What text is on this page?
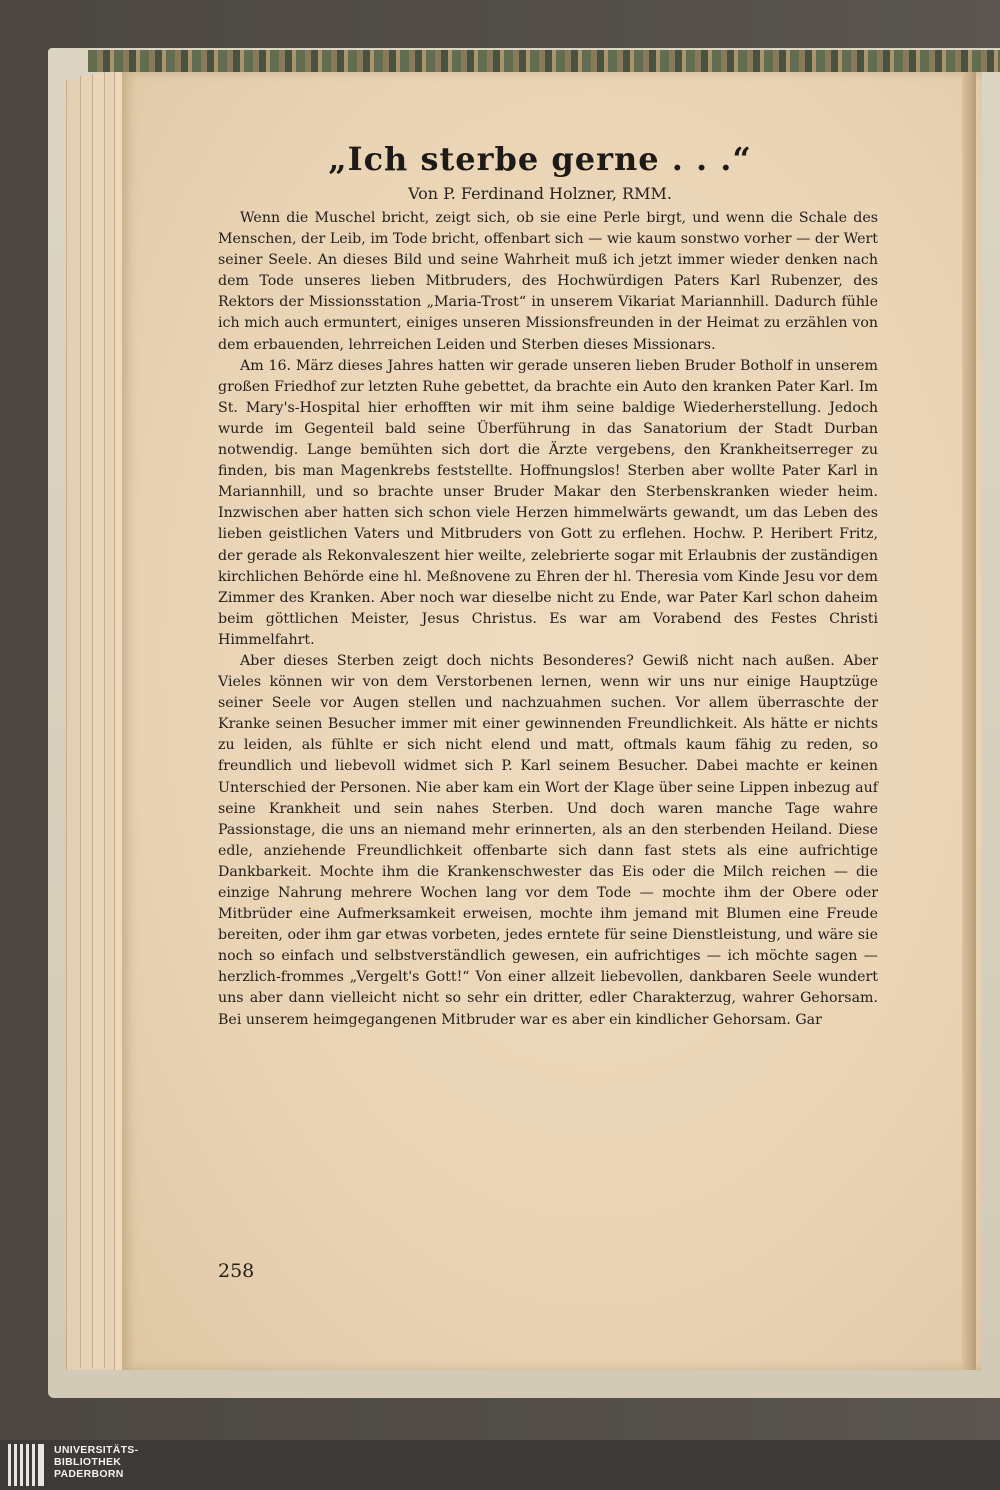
„Ich sterbe gerne . . .“
Von P. Ferdinand Holzner, RMM.

Wenn die Muschel bricht, zeigt sich, ob sie eine Perle birgt, und wenn die Schale des Menschen, der Leib, im Tode bricht, offenbart sich — wie kaum sonstwo vorher — der Wert seiner Seele. An dieses Bild und seine Wahrheit muß ich jetzt immer wieder denken nach dem Tode unseres lieben Mitbruders, des Hochwürdigen Paters Karl Rubenzer, des Rektors der Missionsstation „Maria-Trost“ in unserem Vikariat Mariannhill. Dadurch fühle ich mich auch ermuntert, einiges unseren Missionsfreunden in der Heimat zu erzählen von dem erbauenden, lehrreichen Leiden und Sterben dieses Missionars.

Am 16. März dieses Jahres hatten wir gerade unseren lieben Bruder Botholf in unserem großen Friedhof zur letzten Ruhe gebettet, da brachte ein Auto den kranken Pater Karl. Im St. Mary's-Hospital hier erhofften wir mit ihm seine baldige Wiederherstellung. Jedoch wurde im Gegenteil bald seine Überführung in das Sanatorium der Stadt Durban notwendig. Lange bemühten sich dort die Ärzte vergebens, den Krankheitserreger zu finden, bis man Magenkrebs feststellte. Hoffnungslos! Sterben aber wollte Pater Karl in Mariannhill, und so brachte unser Bruder Makar den Sterbenskranken wieder heim. Inzwischen aber hatten sich schon viele Herzen himmelwärts gewandt, um das Leben des lieben geistlichen Vaters und Mitbruders von Gott zu erflehen. Hochw. P. Heribert Fritz, der gerade als Rekonvaleszent hier weilte, zelebrierte sogar mit Erlaubnis der zuständigen kirchlichen Behörde eine hl. Meßnovene zu Ehren der hl. Theresia vom Kinde Jesu vor dem Zimmer des Kranken. Aber noch war dieselbe nicht zu Ende, war Pater Karl schon daheim beim göttlichen Meister, Jesus Christus. Es war am Vorabend des Festes Christi Himmelfahrt.

Aber dieses Sterben zeigt doch nichts Besonderes? Gewiß nicht nach außen. Aber Vieles können wir von dem Verstorbenen lernen, wenn wir uns nur einige Hauptzüge seiner Seele vor Augen stellen und nachzuahmen suchen. Vor allem überraschte der Kranke seinen Besucher immer mit einer gewinnenden Freundlichkeit. Als hätte er nichts zu leiden, als fühlte er sich nicht elend und matt, oftmals kaum fähig zu reden, so freundlich und liebevoll widmet sich P. Karl seinem Besucher. Dabei machte er keinen Unterschied der Personen. Nie aber kam ein Wort der Klage über seine Lippen inbezug auf seine Krankheit und sein nahes Sterben. Und doch waren manche Tage wahre Passionstage, die uns an niemand mehr erinnerten, als an den sterbenden Heiland. Diese edle, anziehende Freundlichkeit offenbarte sich dann fast stets als eine aufrichtige Dankbarkeit. Mochte ihm die Krankenschwester das Eis oder die Milch reichen — die einzige Nahrung mehrere Wochen lang vor dem Tode — mochte ihm der Obere oder Mitbrüder eine Aufmerksamkeit erweisen, mochte ihm jemand mit Blumen eine Freude bereiten, oder ihm gar etwas vorbeten, jedes erntete für seine Dienstleistung, und wäre sie noch so einfach und selbstverständlich gewesen, ein aufrichtiges — ich möchte sagen — herzlich-frommes „Vergelt's Gott!“ Von einer allzeit liebevollen, dankbaren Seele wundert uns aber dann vielleicht nicht so sehr ein dritter, edler Charakterzug, wahrer Gehorsam. Bei unserem heimgegangenen Mitbruder war es aber ein kindlicher Gehorsam. Gar

258
UNIVERSITÄTS-
BIBLIOTHEK
PADERBORN
